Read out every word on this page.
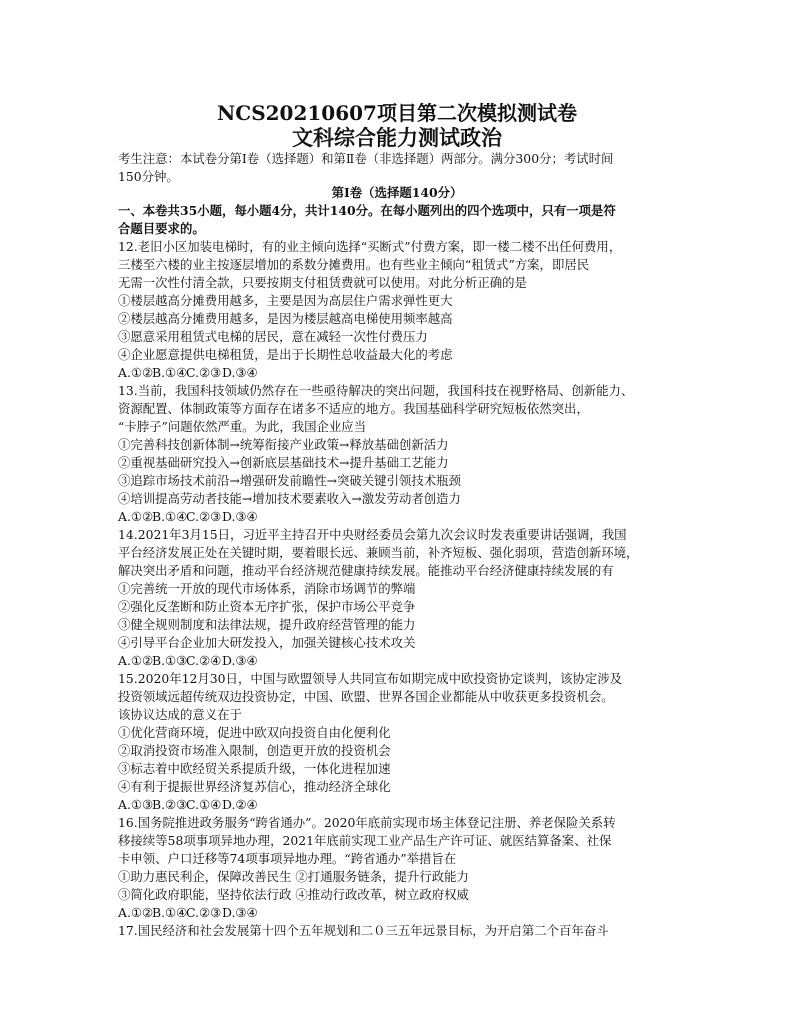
NCS20210607项目第二次模拟测试卷
文科综合能力测试政治
考生注意：本试卷分第Ⅰ卷（选择题）和第Ⅱ卷（非选择题）两部分。满分300分；考试时间
150分钟。
第Ⅰ卷（选择题140分）
一、本卷共35小题，每小题4分，共计140分。在每小题列出的四个选项中，只有一项是符
合题目要求的。
12.老旧小区加装电梯时，有的业主倾向选择“买断式”付费方案，即一楼二楼不出任何费用，
三楼至六楼的业主按逐层增加的系数分摊费用。也有些业主倾向“租赁式”方案，即居民
无需一次性付清全款，只要按期支付租赁费就可以使用。对此分析正确的是
①楼层越高分摊费用越多，主要是因为高层住户需求弹性更大
②楼层越高分摊费用越多，是因为楼层越高电梯使用频率越高
③愿意采用租赁式电梯的居民，意在减轻一次性付费压力
④企业愿意提供电梯租赁，是出于长期性总收益最大化的考虑
A.①②B.①④C.②③D.③④
13.当前，我国科技领域仍然存在一些亟待解决的突出问题，我国科技在视野格局、创新能力、
资源配置、体制政策等方面存在诸多不适应的地方。我国基础科学研究短板依然突出，
“卡脖子”问题依然严重。为此，我国企业应当
①完善科技创新体制→统筹衔接产业政策→释放基础创新活力
②重视基础研究投入→创新底层基础技术→提升基础工艺能力
③追踪市场技术前沿→增强研发前瞻性→突破关键引领技术瓶颈
④培训提高劳动者技能→增加技术要素收入→激发劳动者创造力
A.①②B.①④C.②③D.③④
14.2021年3月15日，习近平主持召开中央财经委员会第九次会议时发表重要讲话强调，我国
平台经济发展正处在关键时期，要着眼长远、兼顾当前，补齐短板、强化弱项，营造创新环境，
解决突出矛盾和问题，推动平台经济规范健康持续发展。能推动平台经济健康持续发展的有
①完善统一开放的现代市场体系，消除市场调节的弊端
②强化反垄断和防止资本无序扩张，保护市场公平竞争
③健全规则制度和法律法规，提升政府经营管理的能力
④引导平台企业加大研发投入，加强关键核心技术攻关
A.①②B.①③C.②④D.③④
15.2020年12月30日，中国与欧盟领导人共同宣布如期完成中欧投资协定谈判，该协定涉及
投资领域远超传统双边投资协定，中国、欧盟、世界各国企业都能从中收获更多投资机会。
该协议达成的意义在于
①优化营商环境，促进中欧双向投资自由化便利化
②取消投资市场准入限制，创造更开放的投资机会
③标志着中欧经贸关系提质升级，一体化进程加速
④有利于提振世界经济复苏信心，推动经济全球化
A.①③B.②③C.①④D.②④
16.国务院推进政务服务“跨省通办”。2020年底前实现市场主体登记注册、养老保险关系转
移接续等58项事项异地办理，2021年底前实现工业产品生产许可证、就医结算备案、社保
卡申领、户口迁移等74项事项异地办理。“跨省通办”举措旨在
①助力惠民利企，保障改善民生 ②打通服务链条，提升行政能力
③简化政府职能，坚持依法行政 ④推动行政改革，树立政府权威
A.①②B.①④C.②③D.③④
17.国民经济和社会发展第十四个五年规划和二０三五年远景目标，为开启第二个百年奋斗
